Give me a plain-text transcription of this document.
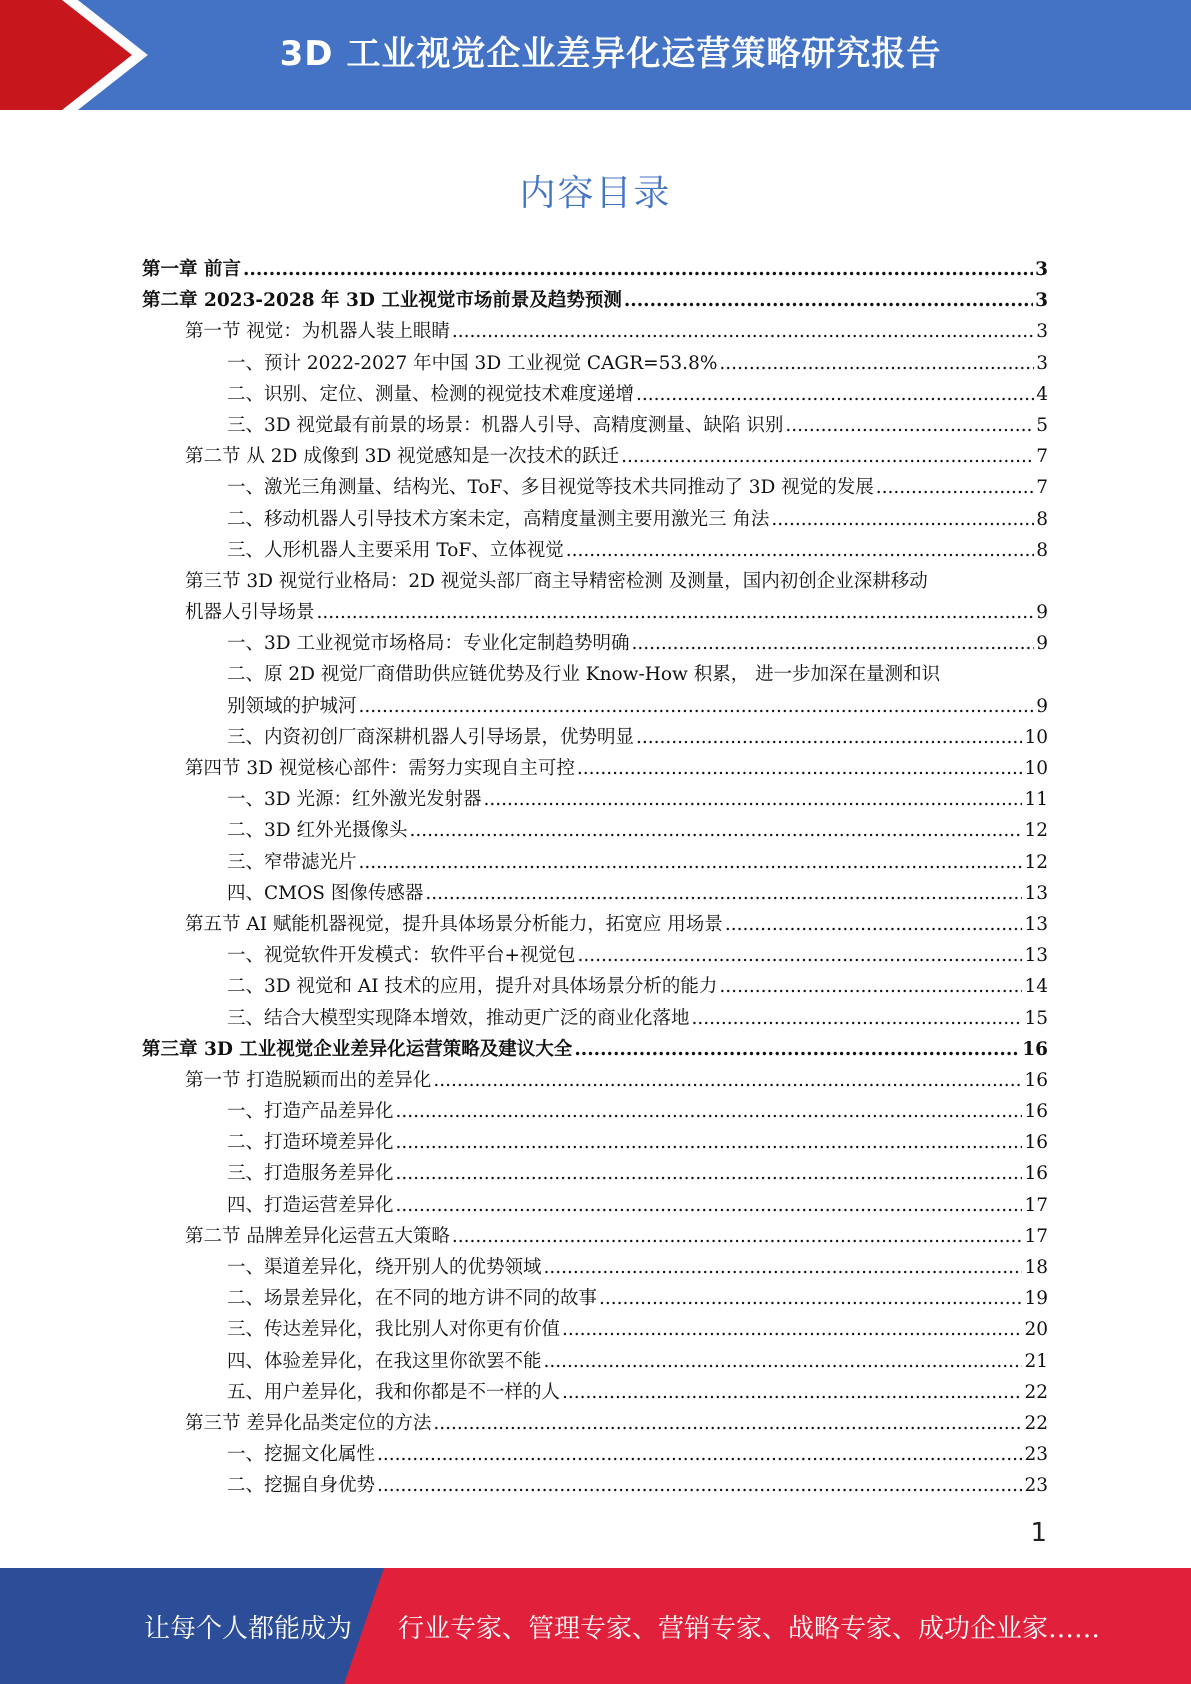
3D 工业视觉企业差异化运营策略研究报告
内容目录
第一章 前言 .....	3
第二章 2023-2028 年 3D 工业视觉市场前景及趋势预测 .....	3
第一节 视觉：为机器人装上眼睛 .....	3
一、预计 2022-2027 年中国 3D 工业视觉 CAGR=53.8% .....	3
二、识别、定位、测量、检测的视觉技术难度递增 .....	4
三、3D 视觉最有前景的场景：机器人引导、高精度测量、缺陷 识别 .....	5
第二节 从 2D 成像到 3D 视觉感知是一次技术的跃迁 .....	7
一、激光三角测量、结构光、ToF、多目视觉等技术共同推动了 3D 视觉的发展 .....	7
二、移动机器人引导技术方案未定，高精度量测主要用激光三 角法 .....	8
三、人形机器人主要采用 ToF、立体视觉 .....	8
第三节 3D 视觉行业格局：2D 视觉头部厂商主导精密检测 及测量，国内初创企业深耕移动
机器人引导场景 .....	9
一、3D 工业视觉市场格局：专业化定制趋势明确 .....	9
二、原 2D 视觉厂商借助供应链优势及行业 Know-How 积累， 进一步加深在量测和识
别领域的护城河 .....	9
三、内资初创厂商深耕机器人引导场景，优势明显 .....	10
第四节 3D 视觉核心部件：需努力实现自主可控 .....	10
一、3D 光源：红外激光发射器 .....	11
二、3D 红外光摄像头 .....	12
三、窄带滤光片 .....	12
四、CMOS 图像传感器 .....	13
第五节 AI 赋能机器视觉，提升具体场景分析能力，拓宽应 用场景 .....	13
一、视觉软件开发模式：软件平台+视觉包 .....	13
二、3D 视觉和 AI 技术的应用，提升对具体场景分析的能力 .....	14
三、结合大模型实现降本增效，推动更广泛的商业化落地 .....	15
第三章 3D 工业视觉企业差异化运营策略及建议大全 .....	16
第一节 打造脱颖而出的差异化 .....	16
一、打造产品差异化 .....	16
二、打造环境差异化 .....	16
三、打造服务差异化 .....	16
四、打造运营差异化 .....	17
第二节 品牌差异化运营五大策略 .....	17
一、渠道差异化，绕开别人的优势领域 .....	18
二、场景差异化，在不同的地方讲不同的故事 .....	19
三、传达差异化，我比别人对你更有价值 .....	20
四、体验差异化，在我这里你欲罢不能 .....	21
五、用户差异化，我和你都是不一样的人 .....	22
第三节 差异化品类定位的方法 .....	22
一、挖掘文化属性 .....	23
二、挖掘自身优势 .....	23
1
让每个人都能成为 行业专家、管理专家、营销专家、战略专家、成功企业家……
